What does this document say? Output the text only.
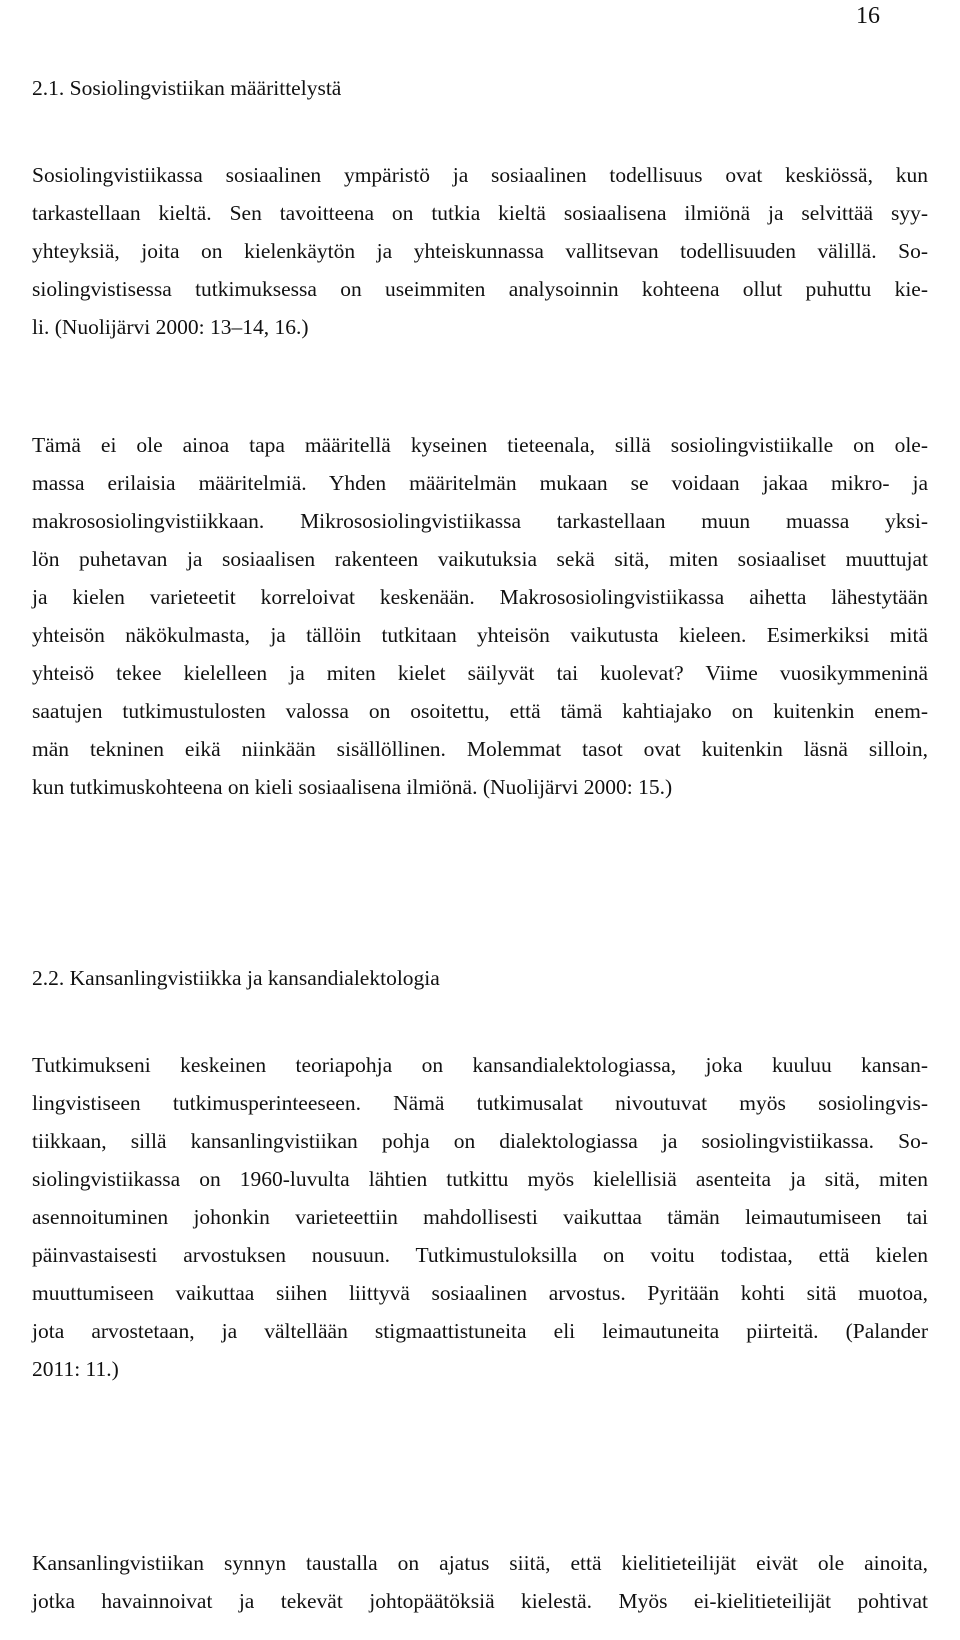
16
2.1. Sosiolingvistiikan määrittelystä
Sosiolingvistiikassa sosiaalinen ympäristö ja sosiaalinen todellisuus ovat keskiössä, kun
tarkastellaan kieltä. Sen tavoitteena on tutkia kieltä sosiaalisena ilmiönä ja selvittää syy-
yhteyksiä, joita on kielenkäytön ja yhteiskunnassa vallitsevan todellisuuden välillä. So-
siolingvistisessa tutkimuksessa on useimmiten analysoinnin kohteena ollut puhuttu kie-
li. (Nuolijärvi 2000: 13–14, 16.)
Tämä ei ole ainoa tapa määritellä kyseinen tieteenala, sillä sosiolingvistiikalle on ole-
massa erilaisia määritelmiä. Yhden määritelmän mukaan se voidaan jakaa mikro- ja
makrososiolingvistiikkaan. Mikrososiolingvistiikassa tarkastellaan muun muassa yksi-
lön puhetavan ja sosiaalisen rakenteen vaikutuksia sekä sitä, miten sosiaaliset muuttujat
ja kielen varieteetit korreloivat keskenään. Makrososiolingvistiikassa aihetta lähestytään
yhteisön näkökulmasta, ja tällöin tutkitaan yhteisön vaikutusta kieleen. Esimerkiksi mitä
yhteisö tekee kielelleen ja miten kielet säilyvät tai kuolevat? Viime vuosikymmeninä
saatujen tutkimustulosten valossa on osoitettu, että tämä kahtiajako on kuitenkin enem-
män tekninen eikä niinkään sisällöllinen. Molemmat tasot ovat kuitenkin läsnä silloin,
kun tutkimuskohteena on kieli sosiaalisena ilmiönä. (Nuolijärvi 2000: 15.)
2.2. Kansanlingvistiikka ja kansandialektologia
Tutkimukseni keskeinen teoriapohja on kansandialektologiassa, joka kuuluu kansan-
lingvistiseen tutkimusperinteeseen. Nämä tutkimusalat nivoutuvat myös sosiolingvis-
tiikkaan, sillä kansanlingvistiikan pohja on dialektologiassa ja sosiolingvistiikassa. So-
siolingvistiikassa on 1960-luvulta lähtien tutkittu myös kielellisiä asenteita ja sitä, miten
asennoituminen johonkin varieteettiin mahdollisesti vaikuttaa tämän leimautumiseen tai
päinvastaisesti arvostuksen nousuun. Tutkimustuloksilla on voitu todistaa, että kielen
muuttumiseen vaikuttaa siihen liittyvä sosiaalinen arvostus. Pyritään kohti sitä muotoa,
jota arvostetaan, ja vältellään stigmaattistuneita eli leimautuneita piirteitä. (Palander
2011: 11.)
Kansanlingvistiikan synnyn taustalla on ajatus siitä, että kielitieteilijät eivät ole ainoita,
jotka havainnoivat ja tekevät johtopäätöksiä kielestä. Myös ei-kielitieteilijät pohtivat
